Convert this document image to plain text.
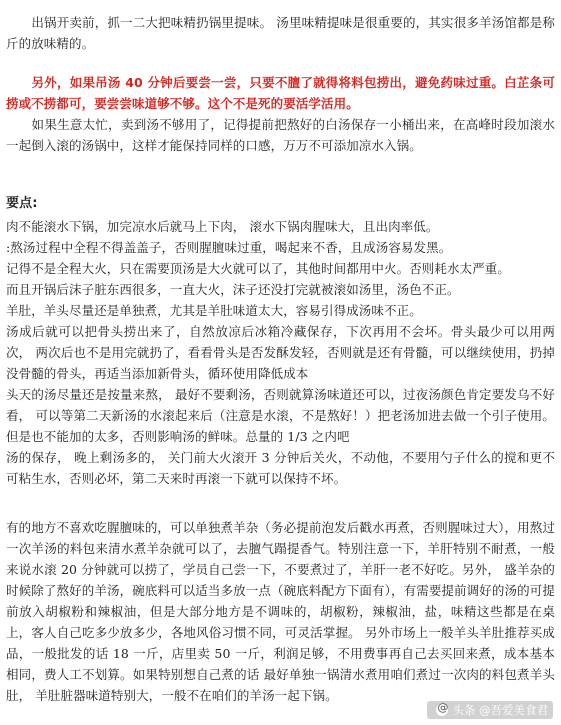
　　出锅开卖前，抓一二大把味精扔锅里提味。 汤里味精提味是很重要的，其实很多羊汤馆都是称斤的放味精的。

　　另外，如果吊汤 40 分钟后要尝一尝，只要不膻了就得将料包捞出，避免药味过重。白芷条可捞或不捞都可，要尝尝味道够不够。这个不是死的要活学活用。

　　如果生意太忙，卖到汤不够用了，记得提前把熬好的白汤保存一小桶出来，在高峰时段加滚水一起倒入滚的汤锅中，这样才能保持同样的口感，万万不可添加凉水入锅。

要点:

肉不能滚水下锅，加完凉水后就马上下肉， 滚水下锅肉腥味大，且出肉率低。
:熬汤过程中全程不得盖盖子，否则腥膻味过重，喝起来不香，且成汤容易发黑。
记得不是全程大火，只在需要顶汤是大火就可以了，其他时间都用中火。否则耗水太严重。
而且开锅后沫子脏东西很多，一直大火，沫子还没打完就被滚如汤里，汤色不正。
羊肚，羊头尽量还是单独煮，尤其是羊肚味道太大，容易引得成汤味不正。
汤成后就可以把骨头捞出来了，自然放凉后冰箱冷藏保存，下次再用不会坏。骨头最少可以用两次， 两次后也不是用完就扔了，看看骨头是否发酥发轻，否则就是还有骨髓，可以继续使用，扔掉没骨髓的骨头，再适当添加新骨头，循环使用降低成本
头天的汤尽量还是按量来熬， 最好不要剩汤，否则就算汤味道还可以，过夜汤颜色肯定要发乌不好看， 可以等第二天新汤的水滚起来后（注意是水滚，不是熬好！）把老汤加进去做一个引子使用。 但是也不能加的太多，否则影响汤的鲜味。总量的 1/3 之内吧
汤的保存， 晚上剩汤多的， 关门前大火滚开 3 分钟后关火，不动他，不要用勺子什么的搅和更不可粘生水，否则必坏，第二天来时再滚一下就可以保持不坏。

有的地方不喜欢吃腥膻味的，可以单独煮羊杂（务必提前泡发后戳水再煮，否则腥味过大），用熬过一次羊汤的料包来清水煮羊杂就可以了，去膻气蹋提香气。特别注意一下，羊肝特别不耐煮，一般来说水滚 20 分钟就可以捞了，学员自己尝一下，不要煮过了，羊肝一老不好吃。另外， 盛羊杂的时候除了熬好的羊汤，碗底料可以适当多放一点（碗底料配方下面有），有需要提前调好的汤的可提前放入胡椒粉和辣椒油，但是大部分地方是不调味的，胡椒粉，辣椒油，盐，味精这些都是在桌上，客人自己吃多少放多少，各地风俗习惯不同，可灵活掌握。 另外市场上一般羊头羊肚推荐买成品，一般批发的话 18 一斤，店里卖 50 一斤，利润足够，不用费事再自己去买回来煮，成本基本相同，费人工不划算。如果特别想自己煮的话 最好单独一锅清水煮用咱们煮过一次肉的料包煮羊头肚， 羊肚脏器味道特别大，一般不在咱们的羊汤一起下锅。

@
头条 @吾爱美食君
